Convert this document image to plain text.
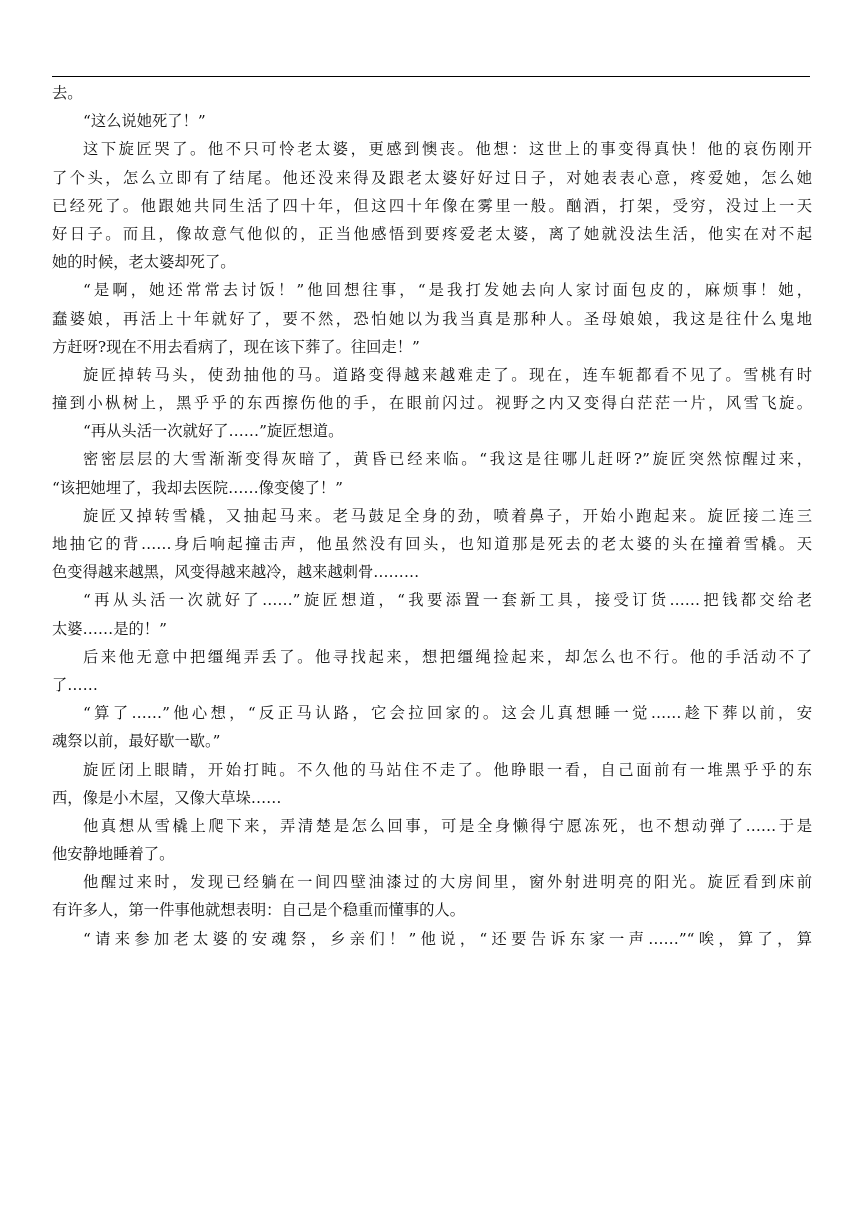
去。
“这么说她死了！”
这下旋匠哭了。他不只可怜老太婆，更感到懊丧。他想：这世上的事变得真快！他的哀伤刚开
了个头，怎么立即有了结尾。他还没来得及跟老太婆好好过日子，对她表表心意，疼爱她，怎么她
已经死了。他跟她共同生活了四十年，但这四十年像在雾里一般。酗酒，打架，受穷，没过上一天
好日子。而且，像故意气他似的，正当他感悟到要疼爱老太婆，离了她就没法生活，他实在对不起
她的时候，老太婆却死了。
“是啊，她还常常去讨饭！”他回想往事，“是我打发她去向人家讨面包皮的，麻烦事！她，
蠢婆娘，再活上十年就好了，要不然，恐怕她以为我当真是那种人。圣母娘娘，我这是往什么鬼地
方赶呀?现在不用去看病了，现在该下葬了。往回走！”
旋匠掉转马头，使劲抽他的马。道路变得越来越难走了。现在，连车轭都看不见了。雪桃有时
撞到小枞树上，黑乎乎的东西擦伤他的手，在眼前闪过。视野之内又变得白茫茫一片，风雪飞旋。
“再从头活一次就好了……”旋匠想道。
密密层层的大雪渐渐变得灰暗了，黄昏已经来临。“我这是往哪儿赶呀?”旋匠突然惊醒过来，
“该把她埋了，我却去医院……像变傻了！”
旋匠又掉转雪橇，又抽起马来。老马鼓足全身的劲，喷着鼻子，开始小跑起来。旋匠接二连三
地抽它的背……身后响起撞击声，他虽然没有回头，也知道那是死去的老太婆的头在撞着雪橇。天
色变得越来越黑，风变得越来越冷，越来越刺骨………
“再从头活一次就好了……”旋匠想道，“我要添置一套新工具，接受订货……把钱都交给老
太婆……是的！”
后来他无意中把缰绳弄丢了。他寻找起来，想把缰绳捡起来，却怎么也不行。他的手活动不了
了……
“算了……”他心想，“反正马认路，它会拉回家的。这会儿真想睡一觉……趁下葬以前，安
魂祭以前，最好歇一歇。”
旋匠闭上眼睛，开始打盹。不久他的马站住不走了。他睁眼一看，自己面前有一堆黑乎乎的东
西，像是小木屋，又像大草垛……
他真想从雪橇上爬下来，弄清楚是怎么回事，可是全身懒得宁愿冻死，也不想动弹了……于是
他安静地睡着了。
他醒过来时，发现已经躺在一间四壁油漆过的大房间里，窗外射进明亮的阳光。旋匠看到床前
有许多人，第一件事他就想表明：自己是个稳重而懂事的人。
“请来参加老太婆的安魂祭，乡亲们！”他说，“还要告诉东家一声……”“唉，算了，算
